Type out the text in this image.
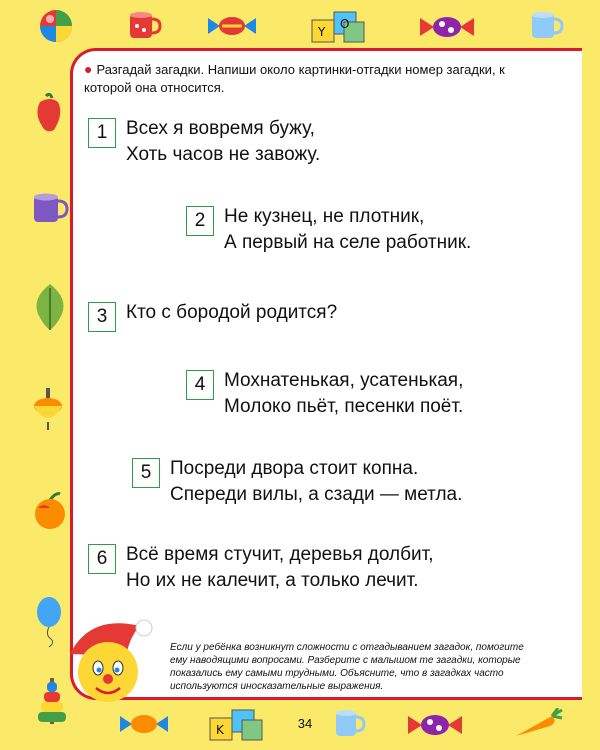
Y
O
● Разгадай загадки. Напиши около картинки-отгадки номер загадки, к которой она относится.
1 Всех я вовремя бужу,
Хоть часов не завожу.
2 Не кузнец, не плотник,
А первый на селе работник.
3 Кто с бородой родится?
4 Мохнатенькая, усатенькая,
Молоко пьёт, песенки поёт.
5 Посреди двора стоит копна.
Спереди вилы, а сзади — метла.
6 Всё время стучит, деревья долбит,
Но их не калечит, а только лечит.
Если у ребёнка возникнут сложности с отгадыванием загадок, помогите ему наводящими вопросами. Разберите с малышом те загадки, которые показались ему самыми трудными. Объясните, что в загадках часто используются иносказательные выражения.
K	34
